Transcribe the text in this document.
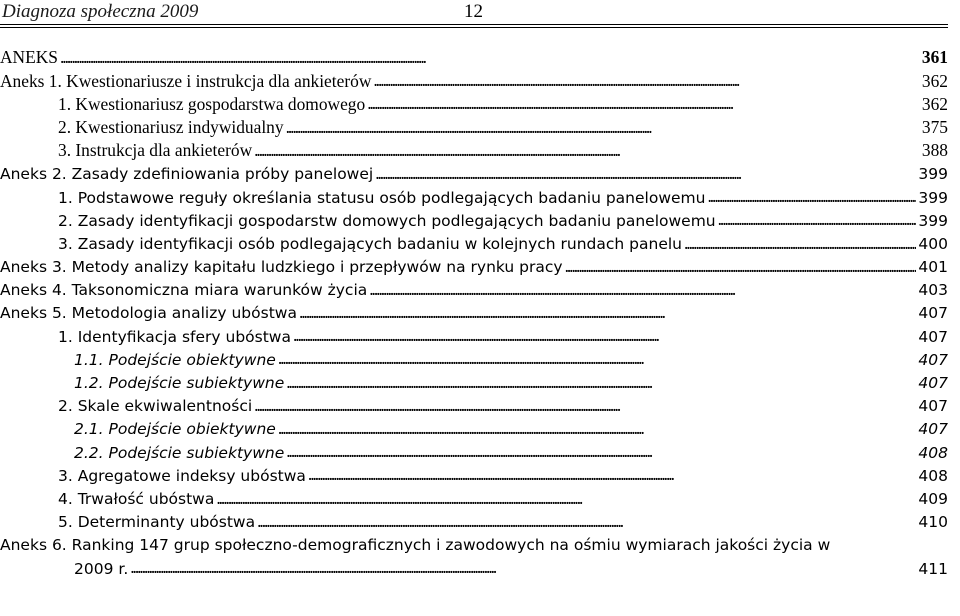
Diagnoza społeczna 2009	12
ANEKS . . .	361
Aneks 1. Kwestionariusze i instrukcja dla ankieterów . . .	362
1. Kwestionariusz gospodarstwa domowego . . .	362
2. Kwestionariusz indywidualny . . .	375
3. Instrukcja dla ankieterów . . .	388
Aneks 2. Zasady zdefiniowania próby panelowej . . .	399
1. Podstawowe reguły określania statusu osób podlegających badaniu panelowemu . . .	399
2. Zasady identyfikacji gospodarstw domowych podlegających badaniu panelowemu . . .	399
3. Zasady identyfikacji osób podlegających badaniu w kolejnych rundach panelu . . .	400
Aneks 3. Metody analizy kapitału ludzkiego i przepływów na rynku pracy . . .	401
Aneks 4. Taksonomiczna miara warunków życia . . .	403
Aneks 5. Metodologia analizy ubóstwa . . .	407
1. Identyfikacja sfery ubóstwa . . .	407
1.1. Podejście obiektywne . . .	407
1.2. Podejście subiektywne . . .	407
2. Skale ekwiwalentności . . .	407
2.1. Podejście obiektywne . . .	407
2.2. Podejście subiektywne . . .	408
3. Agregatowe indeksy ubóstwa . . .	408
4. Trwałość ubóstwa . . .	409
5. Determinanty ubóstwa . . .	410
Aneks 6. Ranking 147 grup społeczno-demograficznych i zawodowych na ośmiu wymiarach jakości życia w
2009 r. . . .	411
